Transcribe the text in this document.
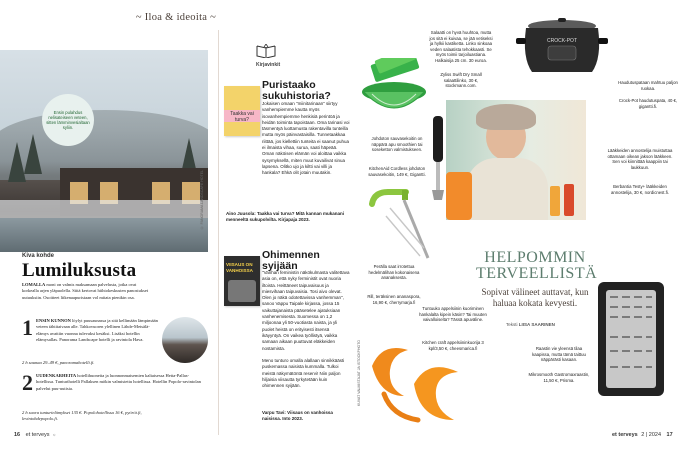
~ Iloa & ideoita ~
Ensin pulahdus nelisateiseen veteen, sitten lämminvesialtaan syliin.
© PANORAMA LANDSCAPE HOTEL
Kiva kohde
Lumiluksusta
LOMALLA moni on valmis maksamaan palvelusta, jotka ovat korkealla arjen yläpuolella. Siitä kertovat hiihtokeskusten panostukset uutuuksiin. Osoitteet liikenaapuristaan vol mitata pienikin osa.
1 ENSIN KUNNON löylyt puusaunassa ja sitä kellimään lämpimään veteen tähtitaivaan alle. Tahkovuoren ylellinen Lähde-Metsälä-elämys avattiin vuonna tulevaksi kesäksi. Lisäksi hotellin elämysallas. Panorama Landscape hotelli ja ravintola Hava.
2 h saunaa 29–49 €, panoramahotelli.fi.
2 UUDENKARHEITA hotellihuoneita ja luonnonmaisemien kaltaisessa Hetta-Pallas-hotellissa. Tunturihotelli Pallaksen mökin valmistettu hotellissa. Hotellin Popolo-ravintolan palvelut puu-uutisia.
2 h suora tunturielämykset 135 €. Popolohotellissa 16 €, pyöröt.fi, levintohdepopolo.fi.
Kirjavinkit
Taakka vai turva?
Puristaako sukuhistoria?
Jokaisen omaan "miinitarinaan" siirtyy vanhempiemme kautta myös isovanhempiemme henkisiä perintöä ja heidän toiminta tapoistaan. Oma tarinasi voi täsmentyä luottamusta rakentavilla tunteilla mutta myös päinvastaisilla. Tunnetaakkaa riittää, jos kiellettiin tunteita ei saanut puhua ei ilmaista vihaa, surua, saati häpeää. Oman näköisen elämän voi aloittaa vaikka sysymyksellä, miten muut kuvailivat sinua lapsena. Olitko ujo ja kiltti vai villi ja hankala? Ehkä olit jotain muutakin.
Aino Juusola: Taakka vai turva? Mitä kannan mukanani menneeltä sukupolvilta. Kirjapaja 2023.
VIISAUS ON VANHOISSA
Ohimennen syijään
"Vanhan feministin näkökulmasta valitettava asia on, että nyky ferministit ovat nuoria iltoista. Heittäneet taipuvaisuus ja miesvihaan taipuvaisia. Tosi aivo olevat. Olen jo näkä odotettavissa vanhemman", sanoo Vappu Taipale kirjassa, jossa 15 vaikuttajanaista pääsetelee ajatuksiaan vanhenemisesta. Suomessa on 1,2 miljoonaa yli 50-vuotiasta naista, ja yli puolet heistä on erityisesti itsensä ikäyyntyä. On vaikea työllistyä, vaikka samaan aikaan puuttuvat eläkkeiden nostamista.

Meno tunturo omalla alallaan sinnikkäästi puskemassa naisista kummalla. Tulkoi meistä näkymätöntä reservi! Niin paljon hiljaisia viisautta tyrkytetään kuin ohimennen syijään.
Varpu Tavi: Viisaus on vanhoissa naisissa. Into 2023.
Salaatti on hyvä huuhtoa, mutta jos sitä ei kuivaa, se jää vetiseksi ja hylkii kastiketta. Linko sinkoaa veden salaatista tehokkaasti. Se myös toimii tarjoiluastiana. Halkaisija 25 cm. 30 euroa.
Zyliss Swift Dry Small salaattilinko, 30 €, stockmann.com.
CROCK-POT
Haudutuspataan mahtuu paljon ruokaa.
Crock-Pot haudutuspata, 40 €, gigantti.fi.
Johdoton sauvasekoitin on näppärä apu smoothien tai soseketton valmistukseen.
KitchenAid Cordless johdoton sauvasekoitin, 149 €, Gigantti.
Lääkkeiden annostelija muistuttaa ottamaan oikean jakson lääkkeen. Sen voi kiinnittää kaappiin tai laukkuun.
Berbantia Testy+ lääkkeiden annostelija, 30 €, nordicnest.fi.
Perälla saat irrotettua hedelmälihan kokonaisena ananaksesta.
Rill, teräksinen ananaspora, 16,90 €, cherrymarja.fi
HELPOMMIN TERVEELLISTÄ
Sopivat välineet auttavat, kun haluaa kokata kevyesti.
Teksti LIISA SAARINEN
Raastin vie yleensä tilaa kaapissa, mutta tämä taittuu näppärästi kasaan.
Mikrosmooth Gastromaxraastin, 11,50 €, Prisma.
Tuntuuko appelsiinin kuoriminen hankalalta kipein käsin? Tai muuten vaivalloiselta? Tässä apuväline.
Kitchen craft appelsiininkuorija 3 kpl/3,50 €, cheesmarica.fi
KUVAT VALMISTAJAT JA ISTOCKPHOTO
16 et terveys ℴ	et terveys 2 | 2024 17
